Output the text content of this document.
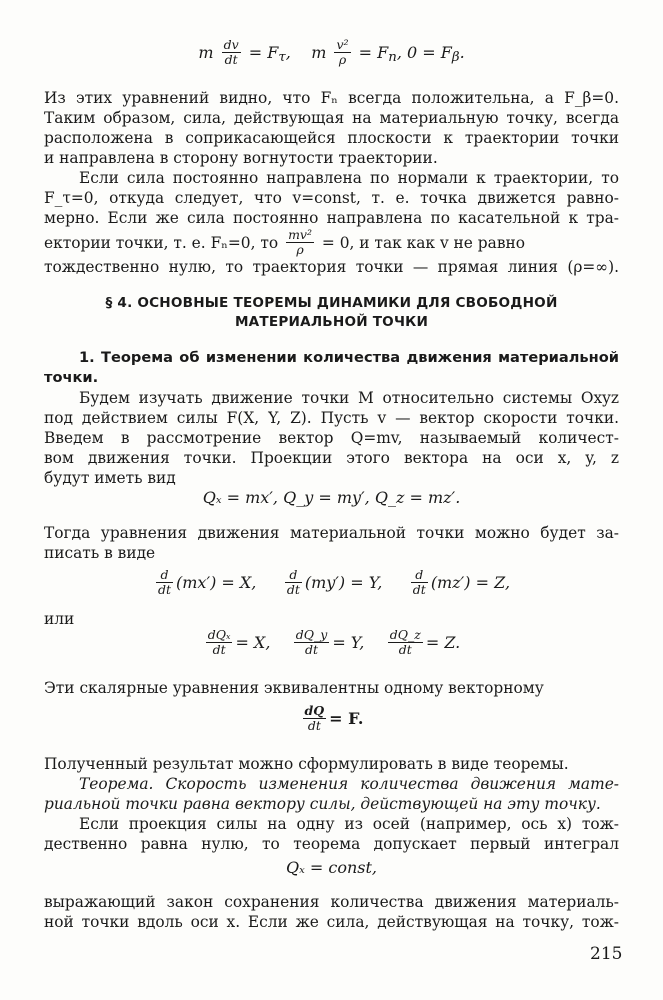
m $\frac{dv}{dt} = F_\tau$, m $\frac{\text{v²}}{\rho} = F_n$, $0 = F_\beta$.
Из этих уравнений видно, что Fₙ всегда положительна, а F_β=0.
Таким образом, сила, действующая на материальную точку, всегда
расположена в соприкасающейся плоскости к траектории точки
и направлена в сторону вогнутости траектории.
Если сила постоянно направлена по нормали к траектории, то
F_τ=0, откуда следует, что v=const, т. е. точка движется равно-
мерно. Если же сила постоянно направлена по касательной к тра-
ектории точки, т. е. Fₙ=0, то $\frac{\text{mv²}}{\rho} = 0$, и так как v не равно
тождественно нулю, то траектория точки — прямая линия (ρ=∞).
§ 4. ОСНОВНЫЕ ТЕОРЕМЫ ДИНАМИКИ ДЛЯ СВОБОДНОЙ
МАТЕРИАЛЬНОЙ ТОЧКИ
1. Теорема об изменении количества движения материальной
точки.
Будем изучать движение точки M относительно системы Oxyz
под действием силы F(X, Y, Z). Пусть v — вектор скорости точки.
Введем в рассмотрение вектор Q=mv, называемый количест-
вом движения точки. Проекции этого вектора на оси x, y, z
будут иметь вид
Qₓ = mx′, Q_y = my′, Q_z = mz′.
Тогда уравнения движения материальной точки можно будет за-
писать в виде
$\frac{d}{dt} (mx') = X$, $\frac{d}{dt} (my') = Y$, $\frac{d}{dt} (mz') = Z$,
или
$\frac{\text{dQₓ}}{dt} = X$, $\frac{dQ\_y}{dt} = Y$, $\frac{dQ\_z}{dt} = Z$.
Эти скалярные уравнения эквивалентны одному векторному
$\frac{dQ}{dt} = F$.
Полученный результат можно сформулировать в виде теоремы.
Теорема. Скорость изменения количества движения мате-
риальной точки равна вектору силы, действующей на эту точку.
Если проекция силы на одну из осей (например, ось x) тож-
дественно равна нулю, то теорема допускает первый интеграл
Qₓ = const,
выражающий закон сохранения количества движения материаль-
ной точки вдоль оси x. Если же сила, действующая на точку, тож-
215
